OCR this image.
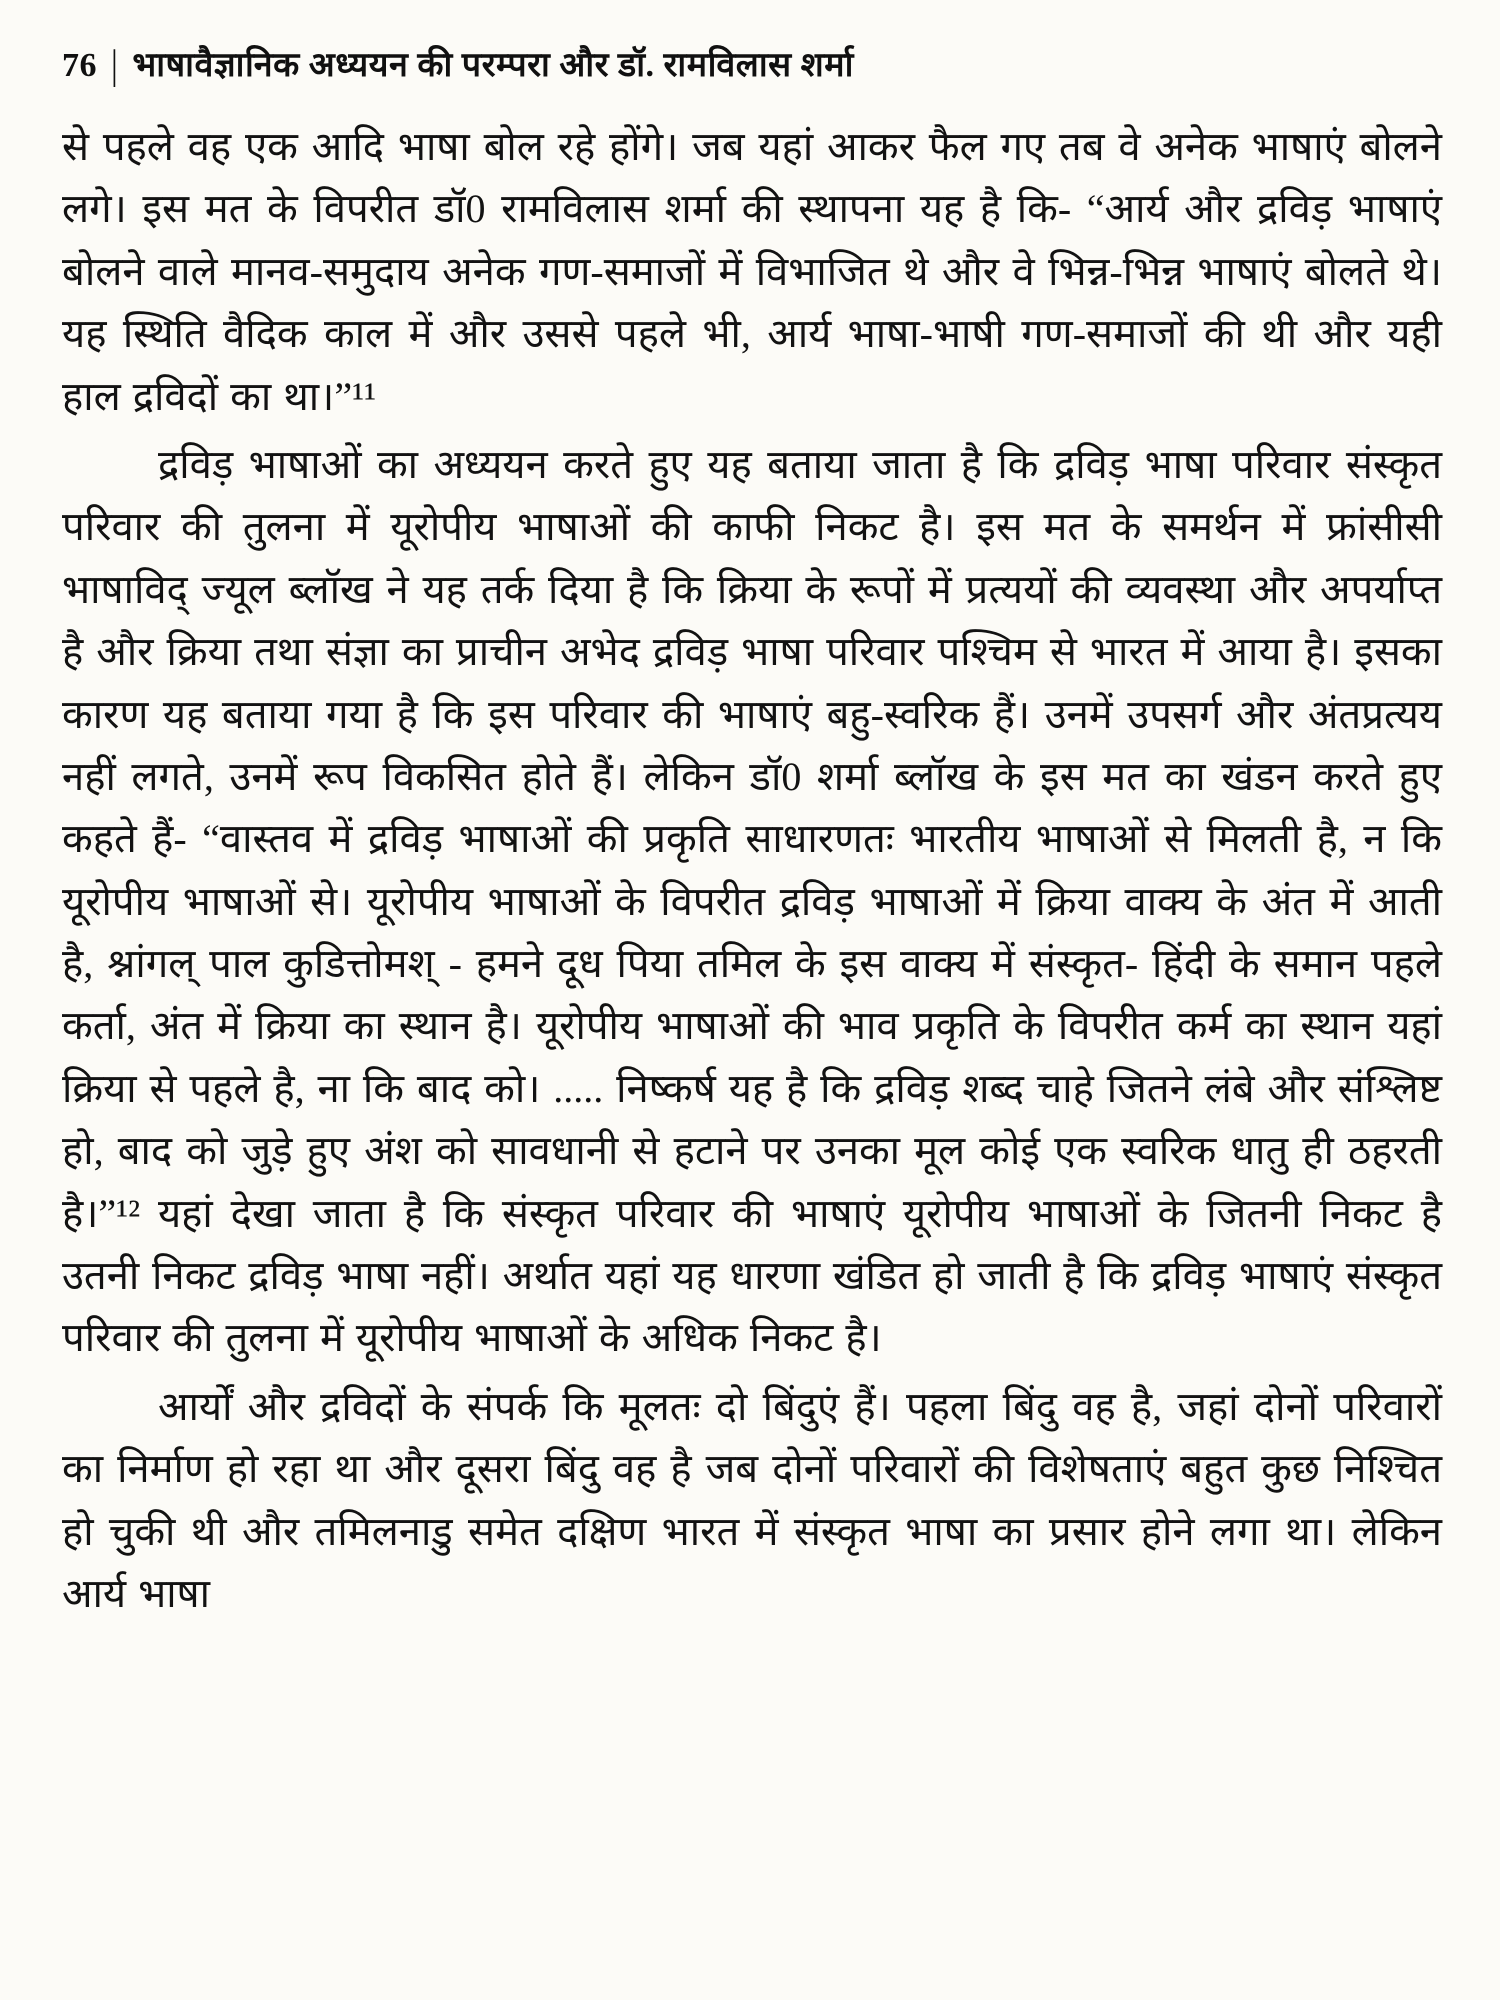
76 | भाषावैज्ञानिक अध्ययन की परम्परा और डॉ. रामविलास शर्मा

से पहले वह एक आदि भाषा बोल रहे होंगे। जब यहां आकर फैल गए तब वे अनेक भाषाएं बोलने लगे। इस मत के विपरीत डॉ0 रामविलास शर्मा की स्थापना यह है कि- “आर्य और द्रविड़ भाषाएं बोलने वाले मानव-समुदाय अनेक गण-समाजों में विभाजित थे और वे भिन्न-भिन्न भाषाएं बोलते थे। यह स्थिति वैदिक काल में और उससे पहले भी, आर्य भाषा-भाषी गण-समाजों की थी और यही हाल द्रविदों का था।”¹¹

द्रविड़ भाषाओं का अध्ययन करते हुए यह बताया जाता है कि द्रविड़ भाषा परिवार संस्कृत परिवार की तुलना में यूरोपीय भाषाओं की काफी निकट है। इस मत के समर्थन में फ्रांसीसी भाषाविद् ज्यूल ब्लॉख ने यह तर्क दिया है कि क्रिया के रूपों में प्रत्ययों की व्यवस्था और अपर्याप्त है और क्रिया तथा संज्ञा का प्राचीन अभेद द्रविड़ भाषा परिवार पश्चिम से भारत में आया है। इसका कारण यह बताया गया है कि इस परिवार की भाषाएं बहु-स्वरिक हैं। उनमें उपसर्ग और अंतप्रत्यय नहीं लगते, उनमें रूप विकसित होते हैं। लेकिन डॉ0 शर्मा ब्लॉख के इस मत का खंडन करते हुए कहते हैं- “वास्तव में द्रविड़ भाषाओं की प्रकृति साधारणतः भारतीय भाषाओं से मिलती है, न कि यूरोपीय भाषाओं से। यूरोपीय भाषाओं के विपरीत द्रविड़ भाषाओं में क्रिया वाक्य के अंत में आती है, श्नांगल् पाल कुडित्तोमश् - हमने दूध पिया तमिल के इस वाक्य में संस्कृत- हिंदी के समान पहले कर्ता, अंत में क्रिया का स्थान है। यूरोपीय भाषाओं की भाव प्रकृति के विपरीत कर्म का स्थान यहां क्रिया से पहले है, ना कि बाद को। ..... निष्कर्ष यह है कि द्रविड़ शब्द चाहे जितने लंबे और संश्लिष्ट हो, बाद को जुड़े हुए अंश को सावधानी से हटाने पर उनका मूल कोई एक स्वरिक धातु ही ठहरती है।”¹² यहां देखा जाता है कि संस्कृत परिवार की भाषाएं यूरोपीय भाषाओं के जितनी निकट है उतनी निकट द्रविड़ भाषा नहीं। अर्थात यहां यह धारणा खंडित हो जाती है कि द्रविड़ भाषाएं संस्कृत परिवार की तुलना में यूरोपीय भाषाओं के अधिक निकट है।

आर्यों और द्रविदों के संपर्क कि मूलतः दो बिंदुएं हैं। पहला बिंदु वह है, जहां दोनों परिवारों का निर्माण हो रहा था और दूसरा बिंदु वह है जब दोनों परिवारों की विशेषताएं बहुत कुछ निश्चित हो चुकी थी और तमिलनाडु समेत दक्षिण भारत में संस्कृत भाषा का प्रसार होने लगा था। लेकिन आर्य भाषा
